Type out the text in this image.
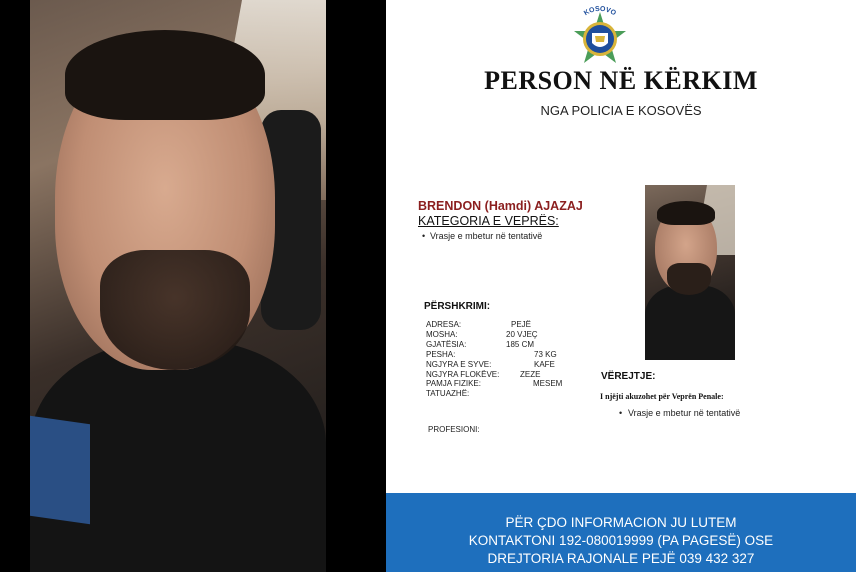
KOSOVO
PERSON NË KËRKIM
NGA POLICIA E KOSOVËS
BRENDON (Hamdi) AJAZAJ
KATEGORIA E VEPRËS:
• Vrasje e mbetur në tentativë
PËRSHKRIMI:
ADRESA:	PEJË
MOSHA:	20 VJEÇ
GJATËSIA:	185 CM
PESHA:	73 KG
NGJYRA E SYVE:	KAFE
NGJYRA FLOKËVE:	ZEZE
PAMJA FIZIKE:	MESEM
TATUAZHË:
PROFESIONI:
VËREJTJE:
I njëjti akuzohet për Veprën Penale:
• Vrasje e mbetur në tentativë
PËR ÇDO INFORMACION JU LUTEM
KONTAKTONI 192-080019999 (PA PAGESË) OSE
DREJTORIA RAJONALE PEJË 039 432 327
